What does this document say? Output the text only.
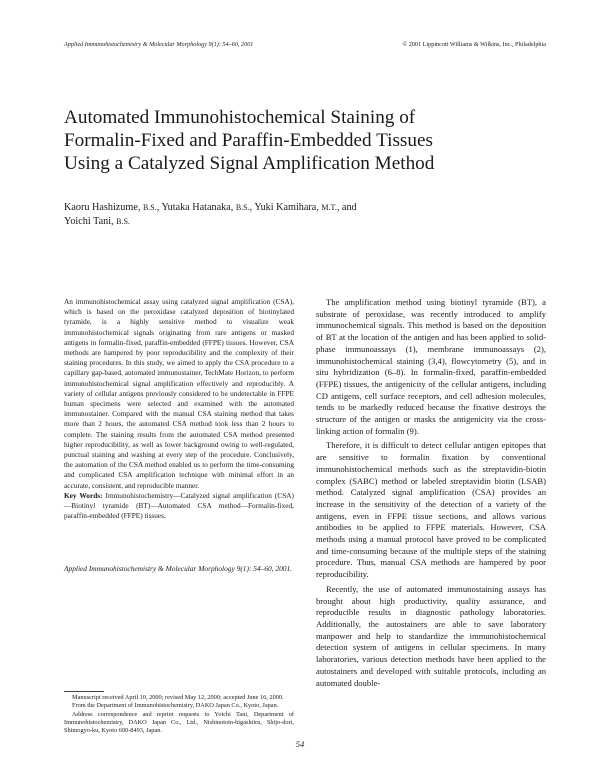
Applied Immunohistochemistry & Molecular Morphology 9(1): 54–60, 2001	© 2001 Lippincott Williams & Wilkins, Inc., Philadelphia
Automated Immunohistochemical Staining of
Formalin-Fixed and Paraffin-Embedded Tissues
Using a Catalyzed Signal Amplification Method
Kaoru Hashizume, B.S., Yutaka Hatanaka, B.S., Yuki Kamihara, M.T., and
Yoichi Tani, B.S.

An immunohistochemical assay using catalyzed signal amplification (CSA), which is based on the peroxidase catalyzed deposition of biotinylated tyramide, is a highly sensitive method to visualize weak immunohistochemical signals originating from rare antigens or masked antigens in formalin-fixed, paraffin-embedded (FFPE) tissues. However, CSA methods are hampered by poor reproducibility and the complexity of their staining procedures. In this study, we aimed to apply the CSA procedure to a capillary gap-based, automated immunostainer, TechMate Horizon, to perform immunohistochemical signal amplification effectively and reproducibly. A variety of cellular antigens previously considered to be undetectable in FFPE human specimens were selected and examined with the automated immunostainer. Compared with the manual CSA staining method that takes more than 2 hours, the automated CSA method took less than 2 hours to complete. The staining results from the automated CSA method presented higher reproducibility, as well as lower background owing to well-regulated, punctual staining and washing at every step of the procedure. Conclusively, the automation of the CSA method enabled us to perform the time-consuming and complicated CSA amplification technique with minimal effort in an accurate, consistent, and reproducible manner.

Key Words: Immunohistochemistry—Catalyzed signal amplification (CSA)—Biotinyl tyramide (BT)—Automated CSA method—Formalin-fixed, paraffin-embedded (FFPE) tissues.

Applied Immunohistochemistry & Molecular Morphology 9(1): 54–60, 2001.

Manuscript received April 10, 2000; revised May 12, 2000; accepted June 16, 2000.

From the Department of Immunohistochemistry, DAKO Japan Co., Kyoto, Japan.

Address correspondence and reprint requests to Yoichi Tani, Department of Immunohistochemistry, DAKO Japan Co., Ltd., Nishinotoin-higashiiru, Shijo-dori, Shimogyo-ku, Kyoto 600-8493, Japan.

The amplification method using biotinyl tyramide (BT), a substrate of peroxidase, was recently introduced to amplify immunochemical signals. This method is based on the deposition of BT at the location of the antigen and has been applied to solid-phase immunoassays (1), membrane immunoassays (2), immunohistochemical staining (3,4), flowcytometry (5), and in situ hybridization (6–8). In formalin-fixed, paraffin-embedded (FFPE) tissues, the antigenicity of the cellular antigens, including CD antigens, cell surface receptors, and cell adhesion molecules, tends to be markedly reduced because the fixative destroys the structure of the antigen or masks the antigenicity via the cross-linking action of formalin (9).

Therefore, it is difficult to detect cellular antigen epitopes that are sensitive to formalin fixation by conventional immunohistochemical methods such as the streptavidin-biotin complex (SABC) method or labeled streptavidin biotin (LSAB) method. Catalyzed signal amplification (CSA) provides an increase in the sensitivity of the detection of a variety of the antigens, even in FFPE tissue sections, and allows various antibodies to be applied to FFPE materials. However, CSA methods using a manual protocol have proved to be complicated and time-consuming because of the multiple steps of the staining procedure. Thus, manual CSA methods are hampered by poor reproducibility.

Recently, the use of automated immunostaining assays has brought about high productivity, quality assurance, and reproducible results in diagnostic pathology laboratories. Additionally, the autostainers are able to save laboratory manpower and help to standardize the immunohistochemical detection system of antigens in cellular specimens. In many laboratories, various detection methods have been applied to the autostainers and developed with suitable protocols, including an automated double-

54
